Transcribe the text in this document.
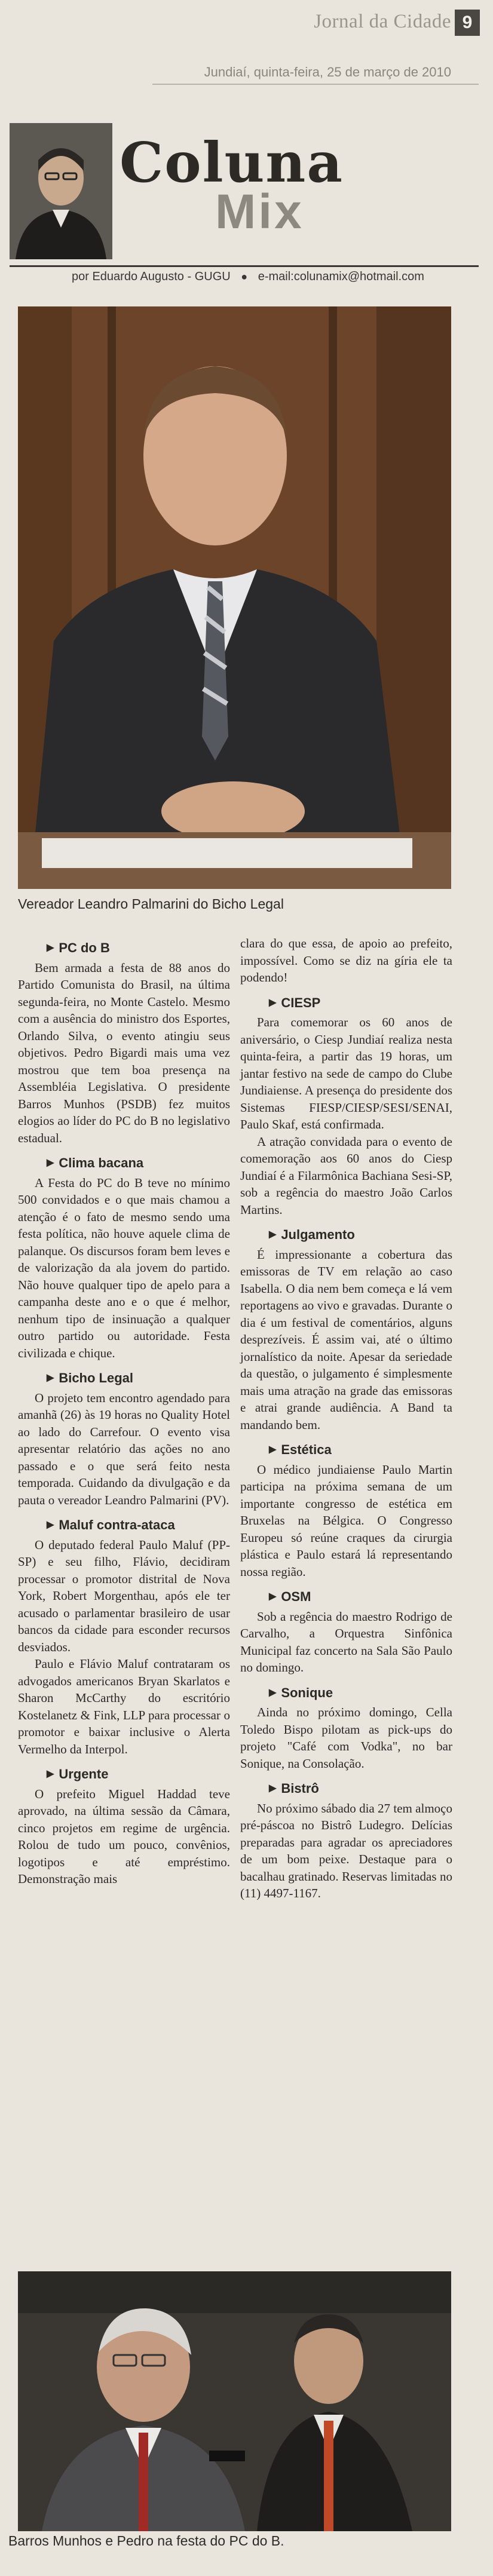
Jornal da Cidade 9
Jundiaí, quinta-feira, 25 de março de 2010
Coluna
Mix
por Eduardo Augusto - GUGU ● e-mail:colunamix@hotmail.com
Vereador Leandro Palmarini do Bicho Legal
▶ PC do B

Bem armada a festa de 88 anos do Partido Comunista do Brasil, na última segunda-feira, no Monte Castelo. Mesmo com a ausência do ministro dos Esportes, Orlando Silva, o evento atingiu seus objetivos. Pedro Bigardi mais uma vez mostrou que tem boa presença na Assembléia Legislativa. O presidente Barros Munhos (PSDB) fez muitos elogios ao líder do PC do B no legislativo estadual.

▶ Clima bacana

A Festa do PC do B teve no mínimo 500 convidados e o que mais chamou a atenção é o fato de mesmo sendo uma festa política, não houve aquele clima de palanque. Os discursos foram bem leves e de valorização da ala jovem do partido. Não houve qualquer tipo de apelo para a campanha deste ano e o que é melhor, nenhum tipo de insinuação a qualquer outro partido ou autoridade. Festa civilizada e chique.

▶ Bicho Legal

O projeto tem encontro agendado para amanhã (26) às 19 horas no Quality Hotel ao lado do Carrefour. O evento visa apresentar relatório das ações no ano passado e o que será feito nesta temporada. Cuidando da divulgação e da pauta o vereador Leandro Palmarini (PV).

▶ Maluf contra-ataca

O deputado federal Paulo Maluf (PP-SP) e seu filho, Flávio, decidiram processar o promotor distrital de Nova York, Robert Morgenthau, após ele ter acusado o parlamentar brasileiro de usar bancos da cidade para esconder recursos desviados.

Paulo e Flávio Maluf contrataram os advogados americanos Bryan Skarlatos e Sharon McCarthy do escritório Kostelanetz & Fink, LLP para processar o promotor e baixar inclusive o Alerta Vermelho da Interpol.

▶ Urgente

O prefeito Miguel Haddad teve aprovado, na última sessão da Câmara, cinco projetos em regime de urgência. Rolou de tudo um pouco, convênios, logotipos e até empréstimo. Demonstração mais

clara do que essa, de apoio ao prefeito, impossível. Como se diz na gíria ele ta podendo!

▶ CIESP

Para comemorar os 60 anos de aniversário, o Ciesp Jundiaí realiza nesta quinta-feira, a partir das 19 horas, um jantar festivo na sede de campo do Clube Jundiaiense. A presença do presidente dos Sistemas FIESP/CIESP/SESI/SENAI, Paulo Skaf, está confirmada.

A atração convidada para o evento de comemoração aos 60 anos do Ciesp Jundiaí é a Filarmônica Bachiana Sesi-SP, sob a regência do maestro João Carlos Martins.

▶ Julgamento

É impressionante a cobertura das emissoras de TV em relação ao caso Isabella. O dia nem bem começa e lá vem reportagens ao vivo e gravadas. Durante o dia é um festival de comentários, alguns desprezíveis. É assim vai, até o último jornalístico da noite. Apesar da seriedade da questão, o julgamento é simplesmente mais uma atração na grade das emissoras e atrai grande audiência. A Band ta mandando bem.

▶ Estética

O médico jundiaiense Paulo Martin participa na próxima semana de um importante congresso de estética em Bruxelas na Bélgica. O Congresso Europeu só reúne craques da cirurgia plástica e Paulo estará lá representando nossa região.

▶ OSM

Sob a regência do maestro Rodrigo de Carvalho, a Orquestra Sinfônica Municipal faz concerto na Sala São Paulo no domingo.

▶ Sonique

Ainda no próximo domingo, Cella Toledo Bispo pilotam as pick-ups do projeto "Café com Vodka", no bar Sonique, na Consolação.

▶ Bistrô

No próximo sábado dia 27 tem almoço pré-páscoa no Bistrô Ludegro. Delícias preparadas para agradar os apreciadores de um bom peixe. Destaque para o bacalhau gratinado. Reservas limitadas no (11) 4497-1167.

Barros Munhos e Pedro na festa do PC do B.
